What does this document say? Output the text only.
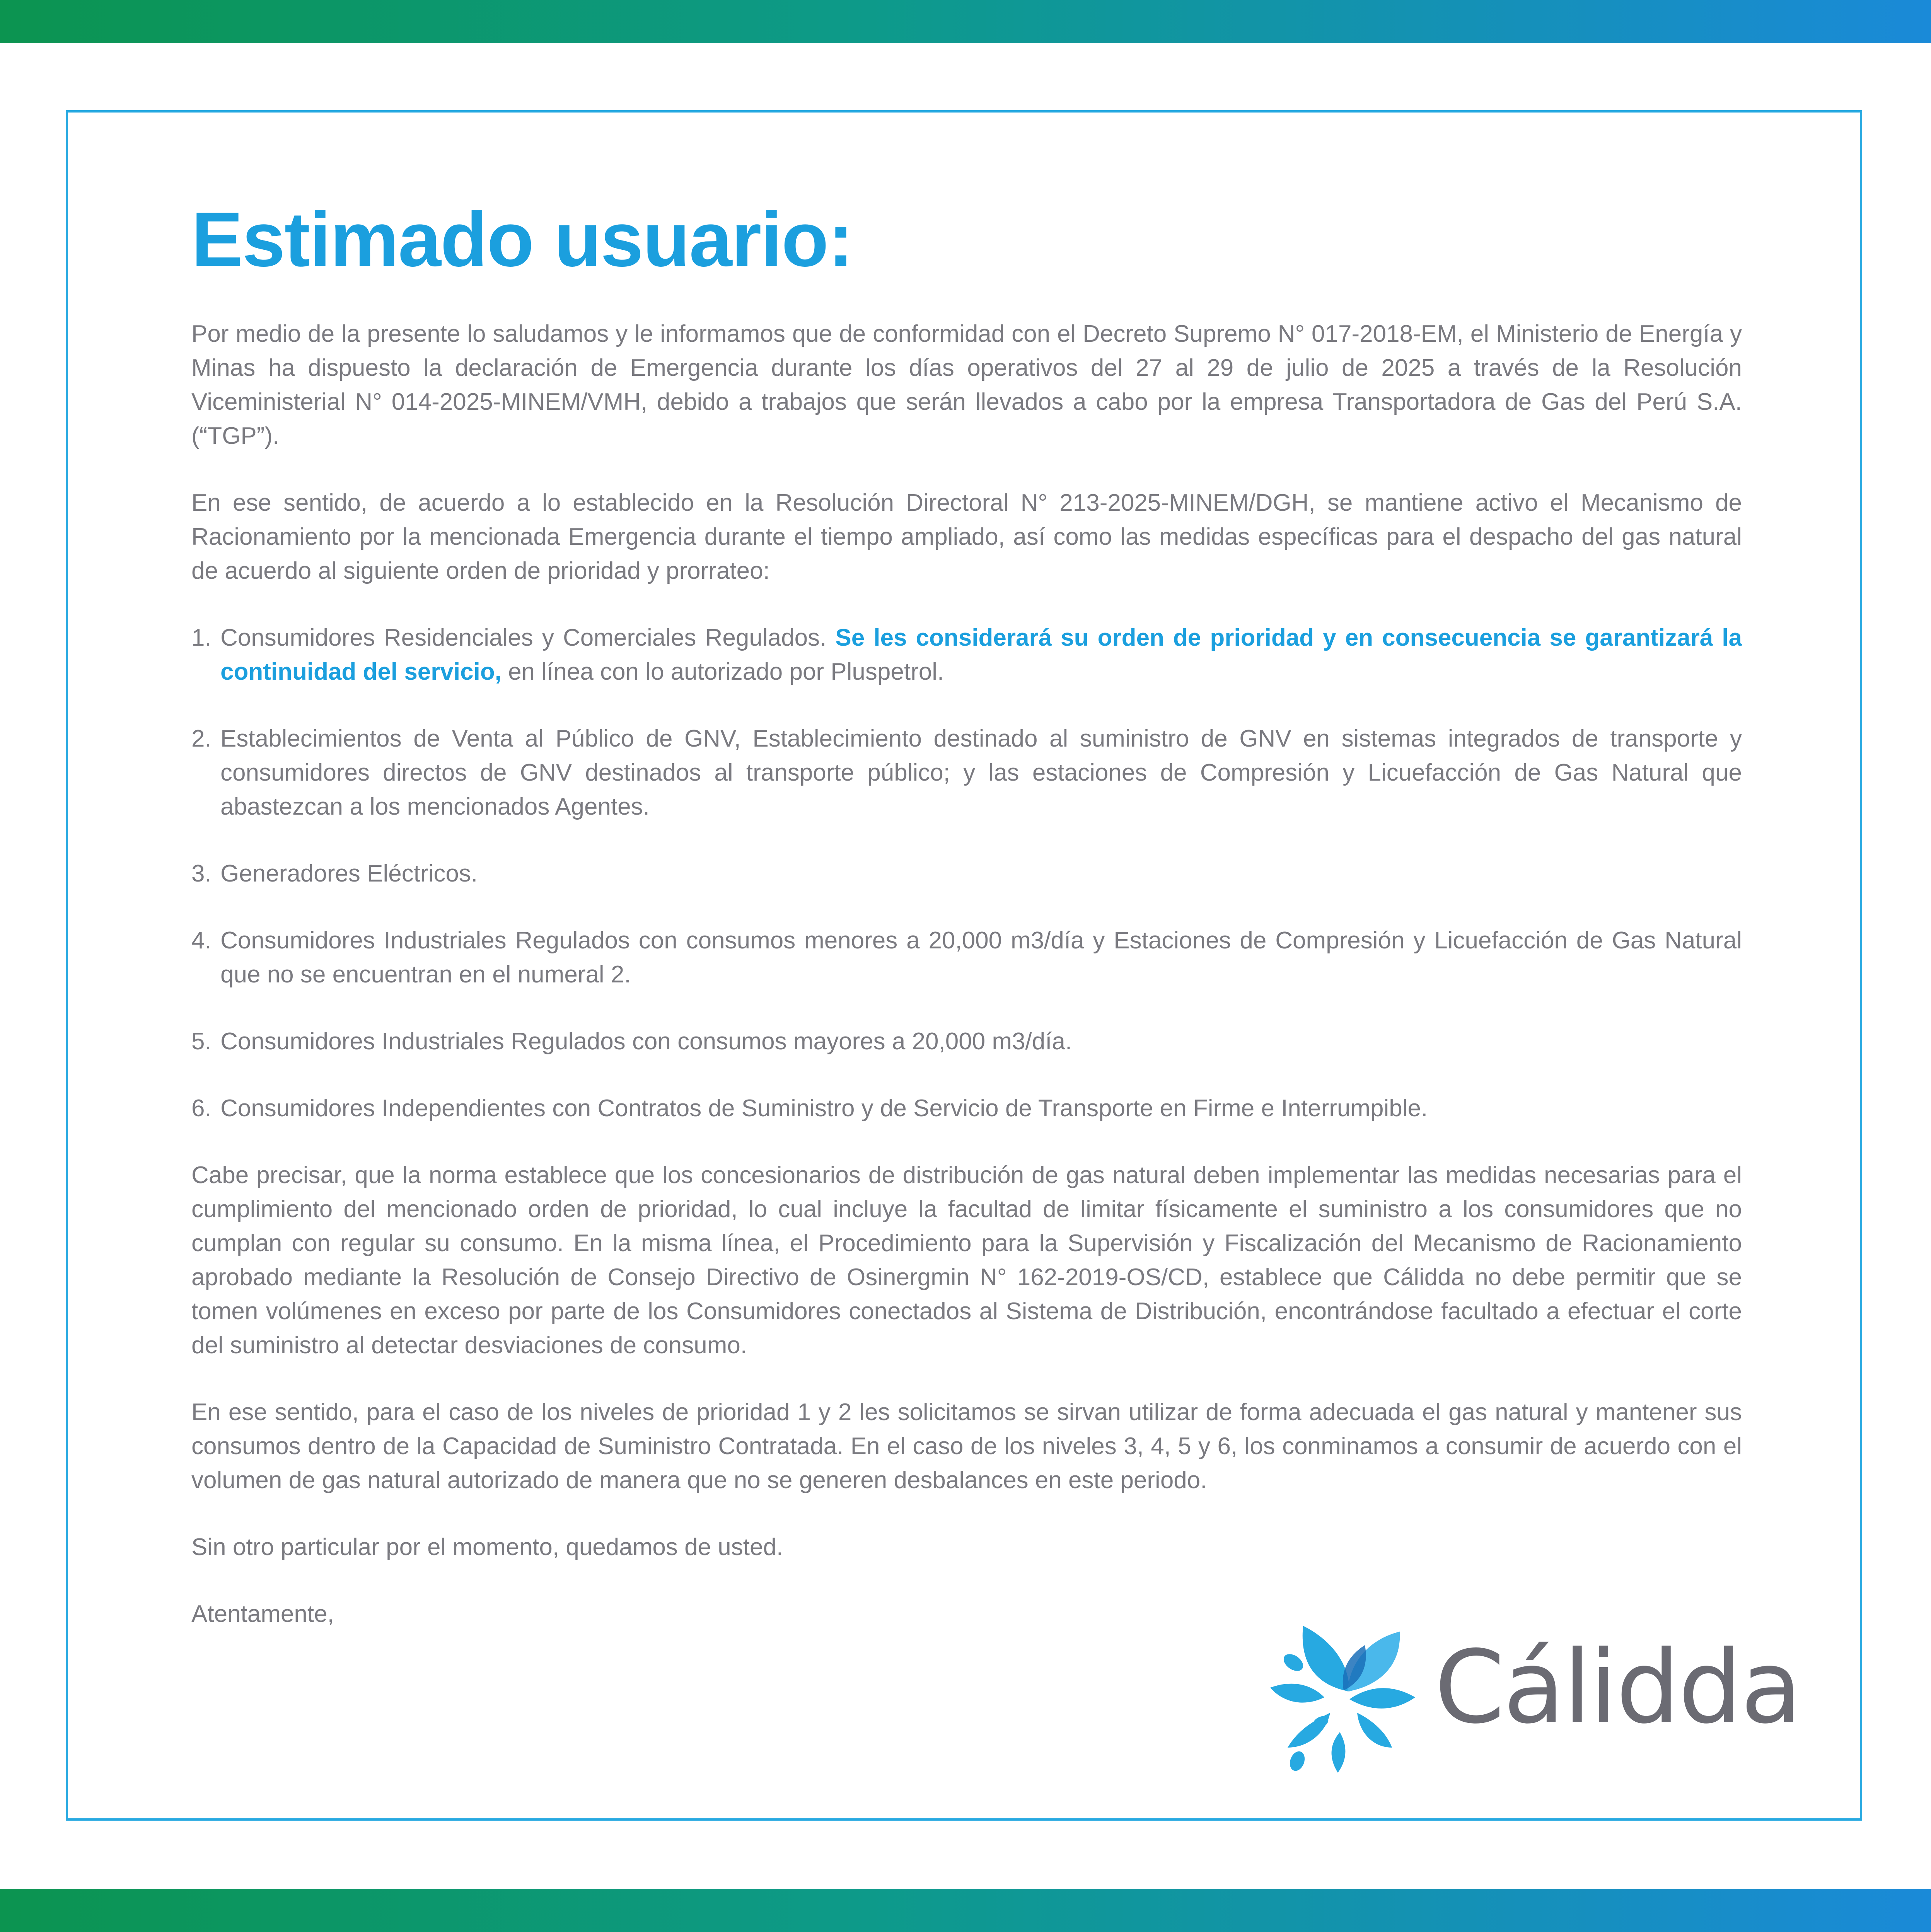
Estimado usuario:

Por medio de la presente lo saludamos y le informamos que de conformidad con el Decreto Supremo N° 017-2018-EM, el Ministerio de Energía y Minas ha dispuesto la declaración de Emergencia durante los días operativos del 27 al 29 de julio de 2025 a través de la Resolución Viceministerial N° 014-2025-MINEM/VMH, debido a trabajos que serán llevados a cabo por la empresa Transportadora de Gas del Perú S.A. (“TGP”).

En ese sentido, de acuerdo a lo establecido en la Resolución Directoral N° 213-2025-MINEM/DGH, se mantiene activo el Mecanismo de Racionamiento por la mencionada Emergencia durante el tiempo ampliado, así como las medidas específicas para el despacho del gas natural de acuerdo al siguiente orden de prioridad y prorrateo:

1. Consumidores Residenciales y Comerciales Regulados. Se les considerará su orden de prioridad y en consecuencia se garantizará la continuidad del servicio, en línea con lo autorizado por Pluspetrol.
2. Establecimientos de Venta al Público de GNV, Establecimiento destinado al suministro de GNV en sistemas integrados de transporte y consumidores directos de GNV destinados al transporte público; y las estaciones de Compresión y Licuefacción de Gas Natural que abastezcan a los mencionados Agentes.
3. Generadores Eléctricos.
4. Consumidores Industriales Regulados con consumos menores a 20,000 m3/día y Estaciones de Compresión y Licuefacción de Gas Natural que no se encuentran en el numeral 2.
5. Consumidores Industriales Regulados con consumos mayores a 20,000 m3/día.
6. Consumidores Independientes con Contratos de Suministro y de Servicio de Transporte en Firme e Interrumpible.

Cabe precisar, que la norma establece que los concesionarios de distribución de gas natural deben implementar las medidas necesarias para el cumplimiento del mencionado orden de prioridad, lo cual incluye la facultad de limitar físicamente el suministro a los consumidores que no cumplan con regular su consumo. En la misma línea, el Procedimiento para la Supervisión y Fiscalización del Mecanismo de Racionamiento aprobado mediante la Resolución de Consejo Directivo de Osinergmin N° 162-2019-OS/CD, establece que Cálidda no debe permitir que se tomen volúmenes en exceso por parte de los Consumidores conectados al Sistema de Distribución, encontrándose facultado a efectuar el corte del suministro al detectar desviaciones de consumo.

En ese sentido, para el caso de los niveles de prioridad 1 y 2 les solicitamos se sirvan utilizar de forma adecuada el gas natural y mantener sus consumos dentro de la Capacidad de Suministro Contratada. En el caso de los niveles 3, 4, 5 y 6, los conminamos a consumir de acuerdo con el volumen de gas natural autorizado de manera que no se generen desbalances en este periodo.

Sin otro particular por el momento, quedamos de usted.

Atentamente,

Cálidda
